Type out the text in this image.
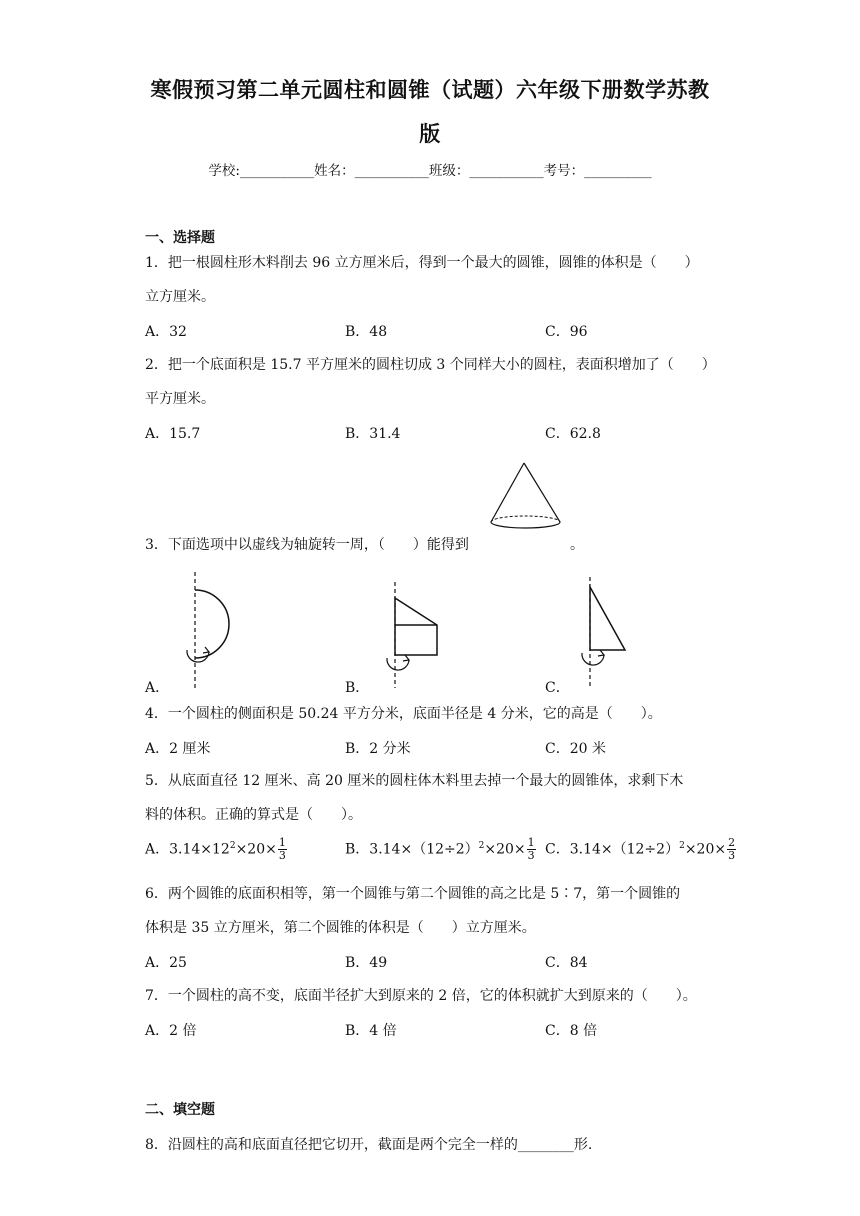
寒假预习第二单元圆柱和圆锥（试题）六年级下册数学苏教
版
学校:___________姓名：___________班级：___________考号：__________
一、选择题
1．把一根圆柱形木料削去 96 立方厘米后，得到一个最大的圆锥，圆锥的体积是（　　）
立方厘米。
A．32	B．48	C．96
2．把一个底面积是 15.7 平方厘米的圆柱切成 3 个同样大小的圆柱，表面积增加了（　　）
平方厘米。
A．15.7	B．31.4	C．62.8
3．下面选项中以虚线为轴旋转一周，（　　）能得到	。
A．	B．	C．
4．一个圆柱的侧面积是 50.24 平方分米，底面半径是 4 分米，它的高是（　　）。
A．2 厘米	B．2 分米	C．20 米
5．从底面直径 12 厘米、高 20 厘米的圆柱体木料里去掉一个最大的圆锥体，求剩下木
料的体积。正确的算式是（　　）。
A．$3.14\times 12^2\times 20\times \frac{1}{3}$	B．$3.14\times(12\div 2)^2\times 20\times \frac{1}{3}$ C．$3.14\times(12\div 2)^2\times 20\times \frac{2}{3}$
6．两个圆锥的底面积相等，第一个圆锥与第二个圆锥的高之比是 5∶7，第一个圆锥的
体积是 35 立方厘米，第二个圆锥的体积是（　　）立方厘米。
A．25	B．49	C．84
7．一个圆柱的高不变，底面半径扩大到原来的 2 倍，它的体积就扩大到原来的（　　）。
A．2 倍	B．4 倍	C．8 倍
二、填空题
8．沿圆柱的高和底面直径把它切开，截面是两个完全一样的________形.
